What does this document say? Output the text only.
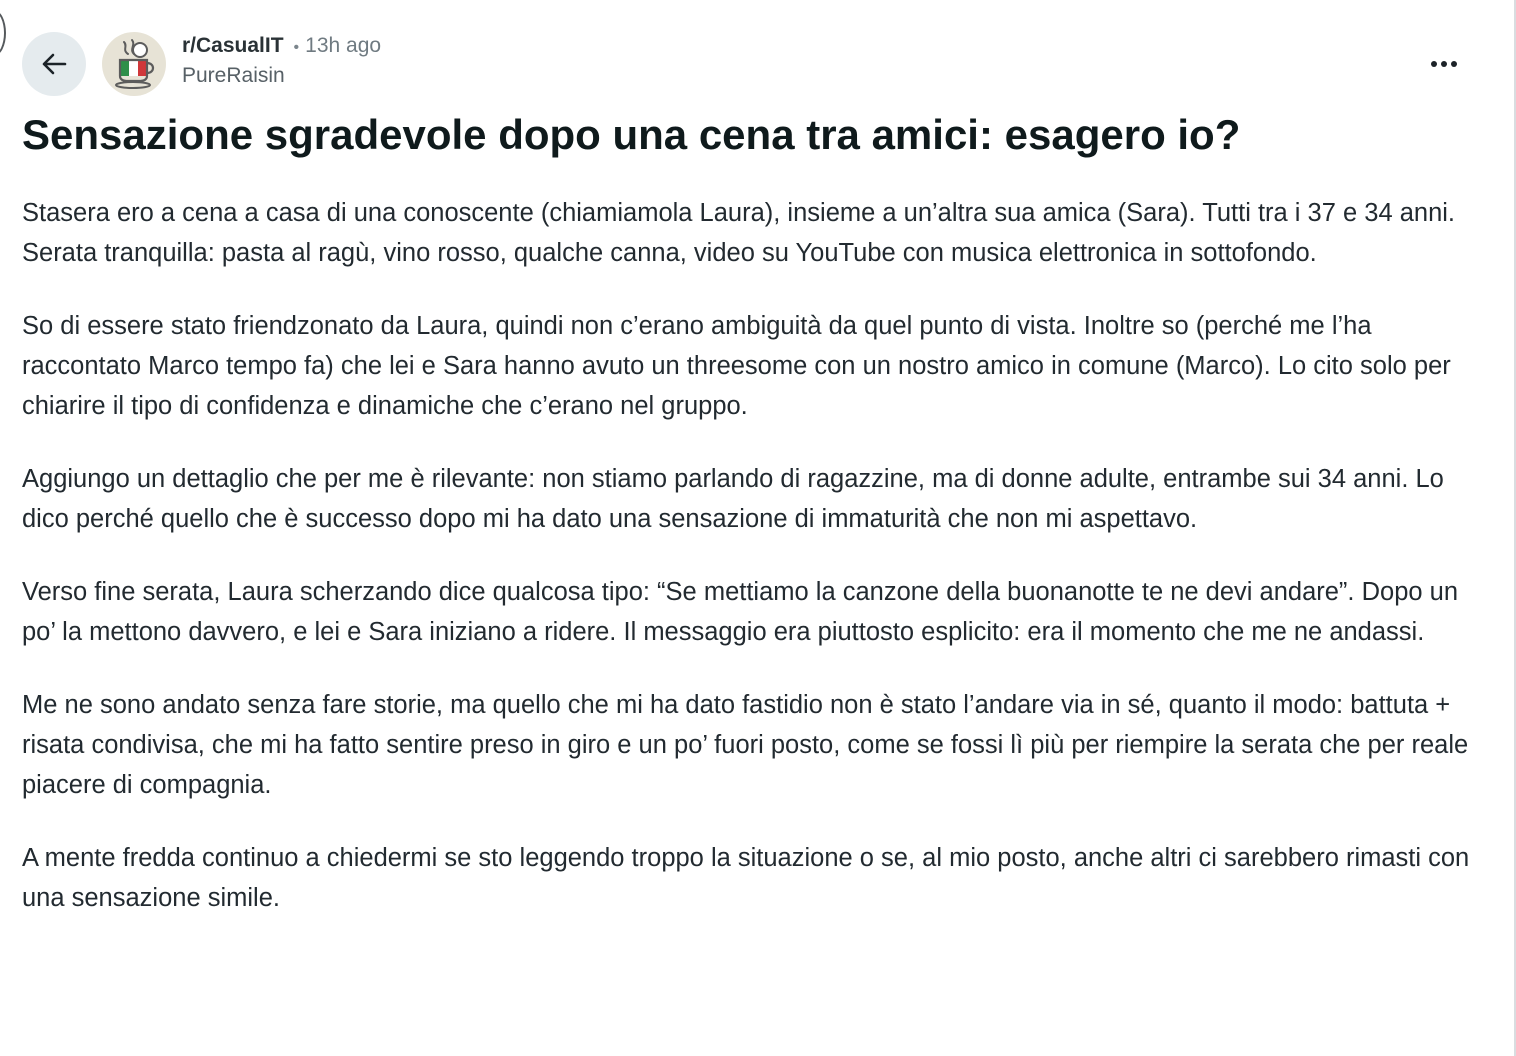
r/CasualIT • 13h ago
PureRaisin
Sensazione sgradevole dopo una cena tra amici: esagero io?

Stasera ero a cena a casa di una conoscente (chiamiamola Laura), insieme a un’altra sua amica (Sara). Tutti tra i 37 e 34 anni. Serata tranquilla: pasta al ragù, vino rosso, qualche canna, video su YouTube con musica elettronica in sottofondo.

So di essere stato friendzonato da Laura, quindi non c’erano ambiguità da quel punto di vista. Inoltre so (perché me l’ha raccontato Marco tempo fa) che lei e Sara hanno avuto un threesome con un nostro amico in comune (Marco). Lo cito solo per chiarire il tipo di confidenza e dinamiche che c’erano nel gruppo.

Aggiungo un dettaglio che per me è rilevante: non stiamo parlando di ragazzine, ma di donne adulte, entrambe sui 34 anni. Lo dico perché quello che è successo dopo mi ha dato una sensazione di immaturità che non mi aspettavo.

Verso fine serata, Laura scherzando dice qualcosa tipo: “Se mettiamo la canzone della buonanotte te ne devi andare”. Dopo un po’ la mettono davvero, e lei e Sara iniziano a ridere. Il messaggio era piuttosto esplicito: era il momento che me ne andassi.

Me ne sono andato senza fare storie, ma quello che mi ha dato fastidio non è stato l’andare via in sé, quanto il modo: battuta + risata condivisa, che mi ha fatto sentire preso in giro e un po’ fuori posto, come se fossi lì più per riempire la serata che per reale piacere di compagnia.

A mente fredda continuo a chiedermi se sto leggendo troppo la situazione o se, al mio posto, anche altri ci sarebbero rimasti con una sensazione simile.
